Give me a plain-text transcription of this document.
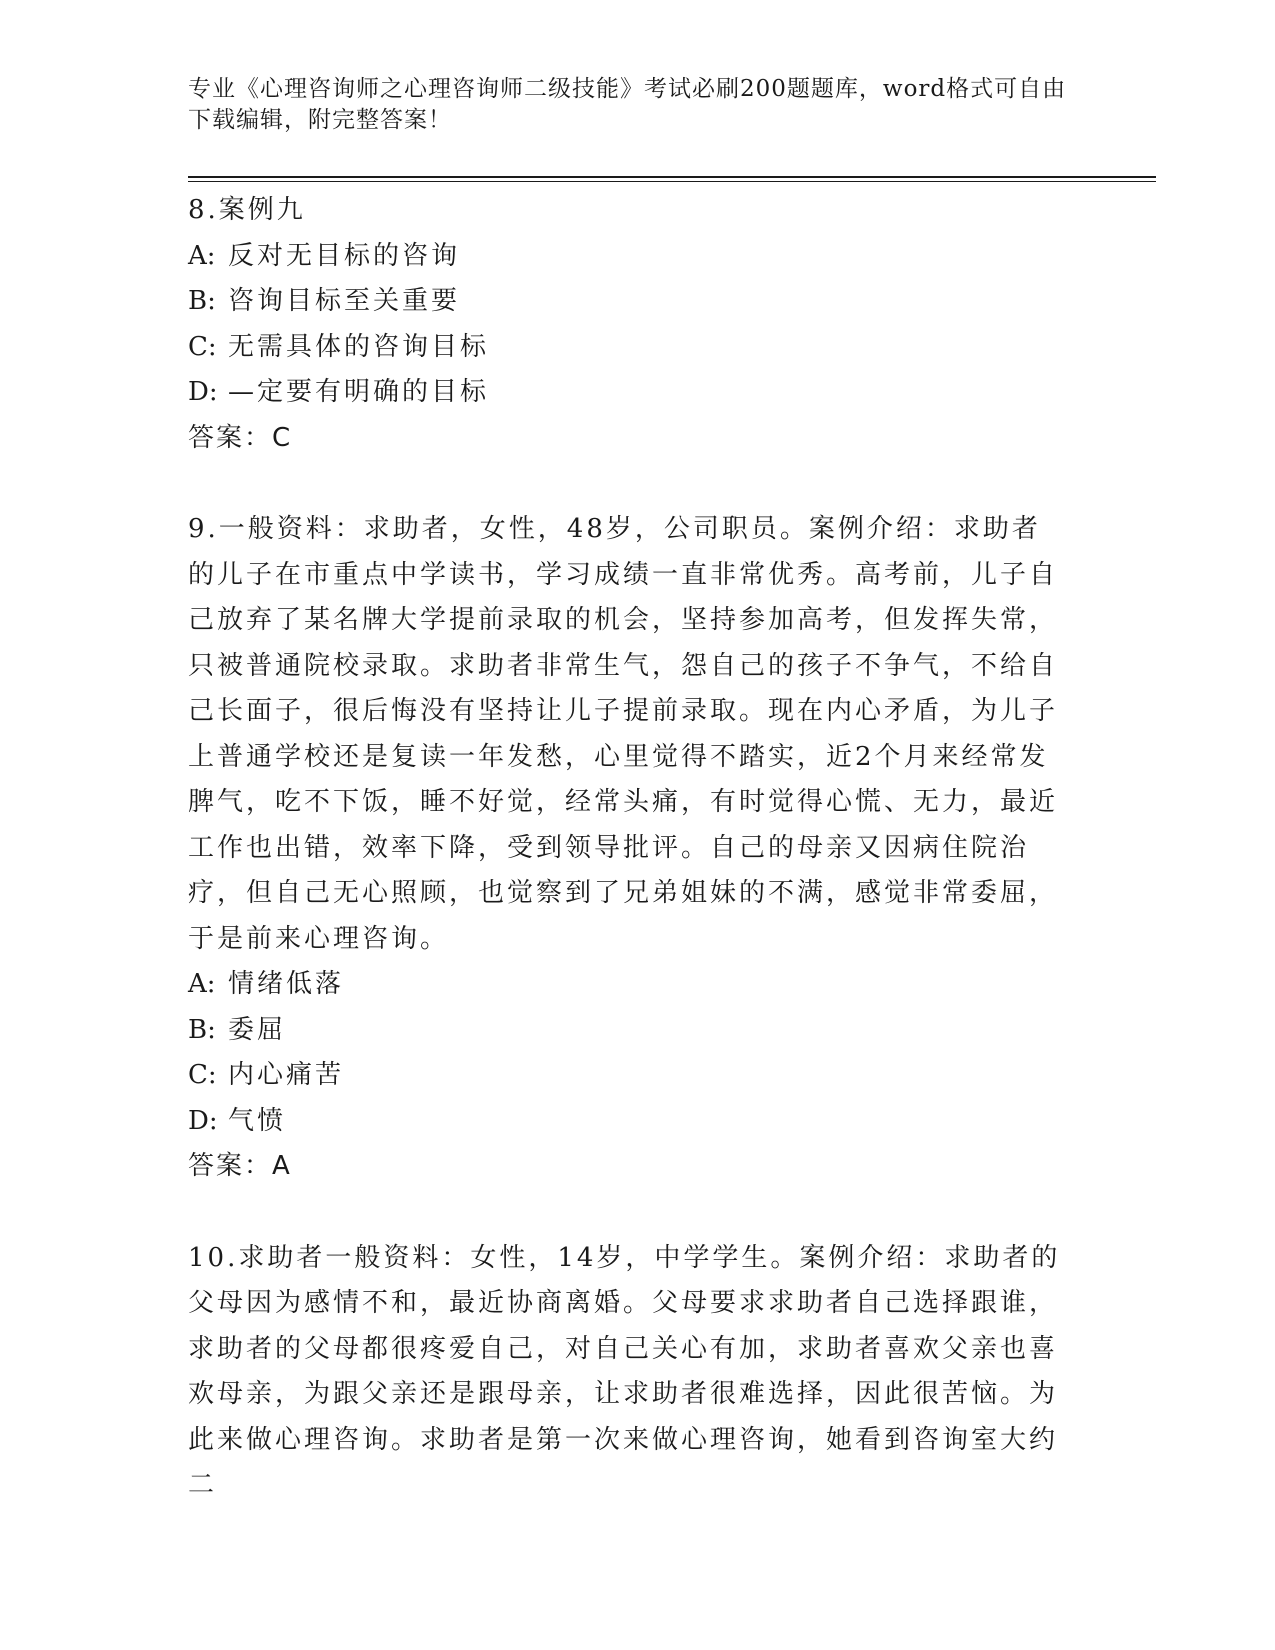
专业《心理咨询师之心理咨询师二级技能》考试必刷200题题库，word格式可自由下载编辑，附完整答案！
8.案例九
A: 反对无目标的咨询
B: 咨询目标至关重要
C: 无需具体的咨询目标
D: —定要有明确的目标
答案：C
9.一般资料：求助者，女性，48岁，公司职员。案例介绍：求助者的儿子在市重点中学读书，学习成绩一直非常优秀。高考前，儿子自己放弃了某名牌大学提前录取的机会，坚持参加高考，但发挥失常，只被普通院校录取。求助者非常生气，怨自己的孩子不争气，不给自己长面子，很后悔没有坚持让儿子提前录取。现在内心矛盾，为儿子上普通学校还是复读一年发愁，心里觉得不踏实，近2个月来经常发脾气，吃不下饭，睡不好觉，经常头痛，有时觉得心慌、无力，最近工作也出错，效率下降，受到领导批评。自己的母亲又因病住院治疗，但自己无心照顾，也觉察到了兄弟姐妹的不满，感觉非常委屈，于是前来心理咨询。
A: 情绪低落
B: 委屈
C: 内心痛苦
D: 气愤
答案：A
10.求助者一般资料：女性，14岁，中学学生。案例介绍：求助者的父母因为感情不和，最近协商离婚。父母要求求助者自己选择跟谁，求助者的父母都很疼爱自己，对自己关心有加，求助者喜欢父亲也喜欢母亲，为跟父亲还是跟母亲，让求助者很难选择，因此很苦恼。为此来做心理咨询。求助者是第一次来做心理咨询，她看到咨询室大约二
